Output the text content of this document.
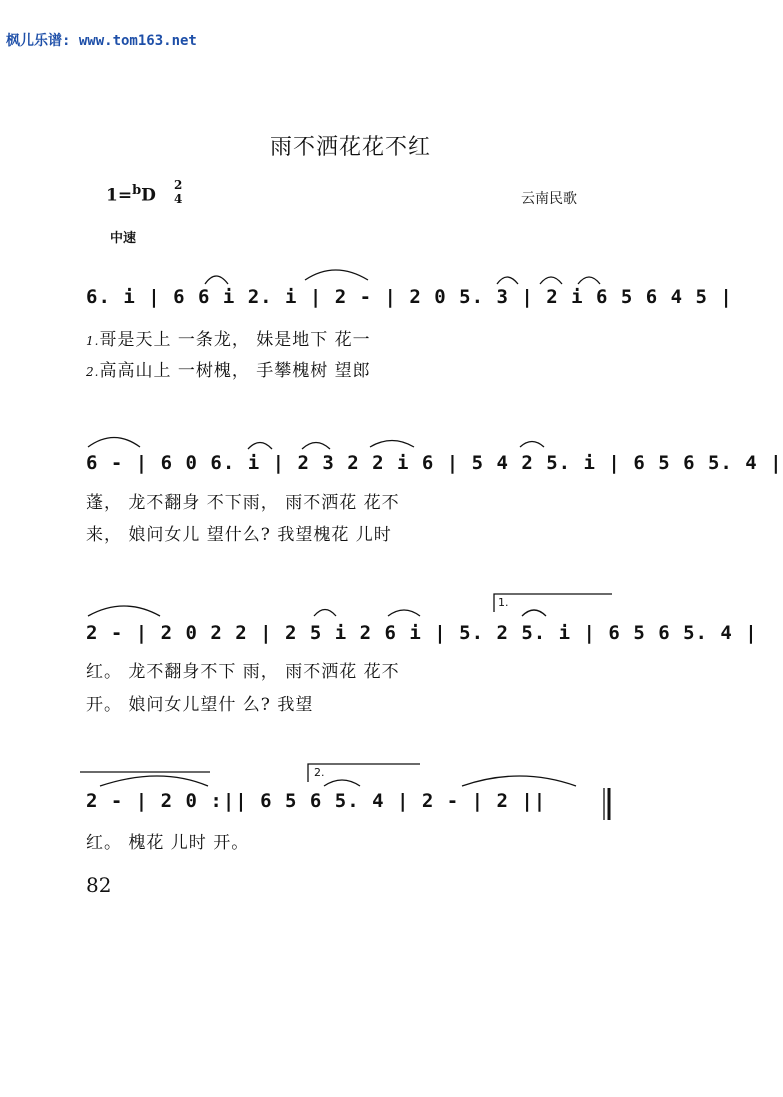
枫儿乐谱: www.tom163.net
雨不洒花花不红
1=$^b$D
2
4	云南民歌
中速
6. i | 6 6 i 2. i | 2 - | 2 0 5. 3 | 2 i 6 5 6 4 5 |
1.哥是天上 一条龙， 妹是地下 花一
2.高高山上 一树槐， 手攀槐树 望郎
6 - | 6 0 6. i | 2 3 2 2 i 6 | 5 4 2 5. i | 6 5 6 5. 4 |
蓬， 龙不翻身 不下雨， 雨不洒花 花不
来， 娘问女儿 望什么? 我望槐花 儿时
2 - | 2 0 2 2 | 2 5 i 2 6 i | 5. 2 5. i | 6 5 6 5. 4 |
红。 龙不翻身不下 雨， 雨不洒花 花不
开。 娘问女儿望什 么? 我望
2 - | 2 0 :|| 6 5 6 5. 4 | 2 - | 2 ||
红。 槐花 儿时 开。
1.
2.
82
